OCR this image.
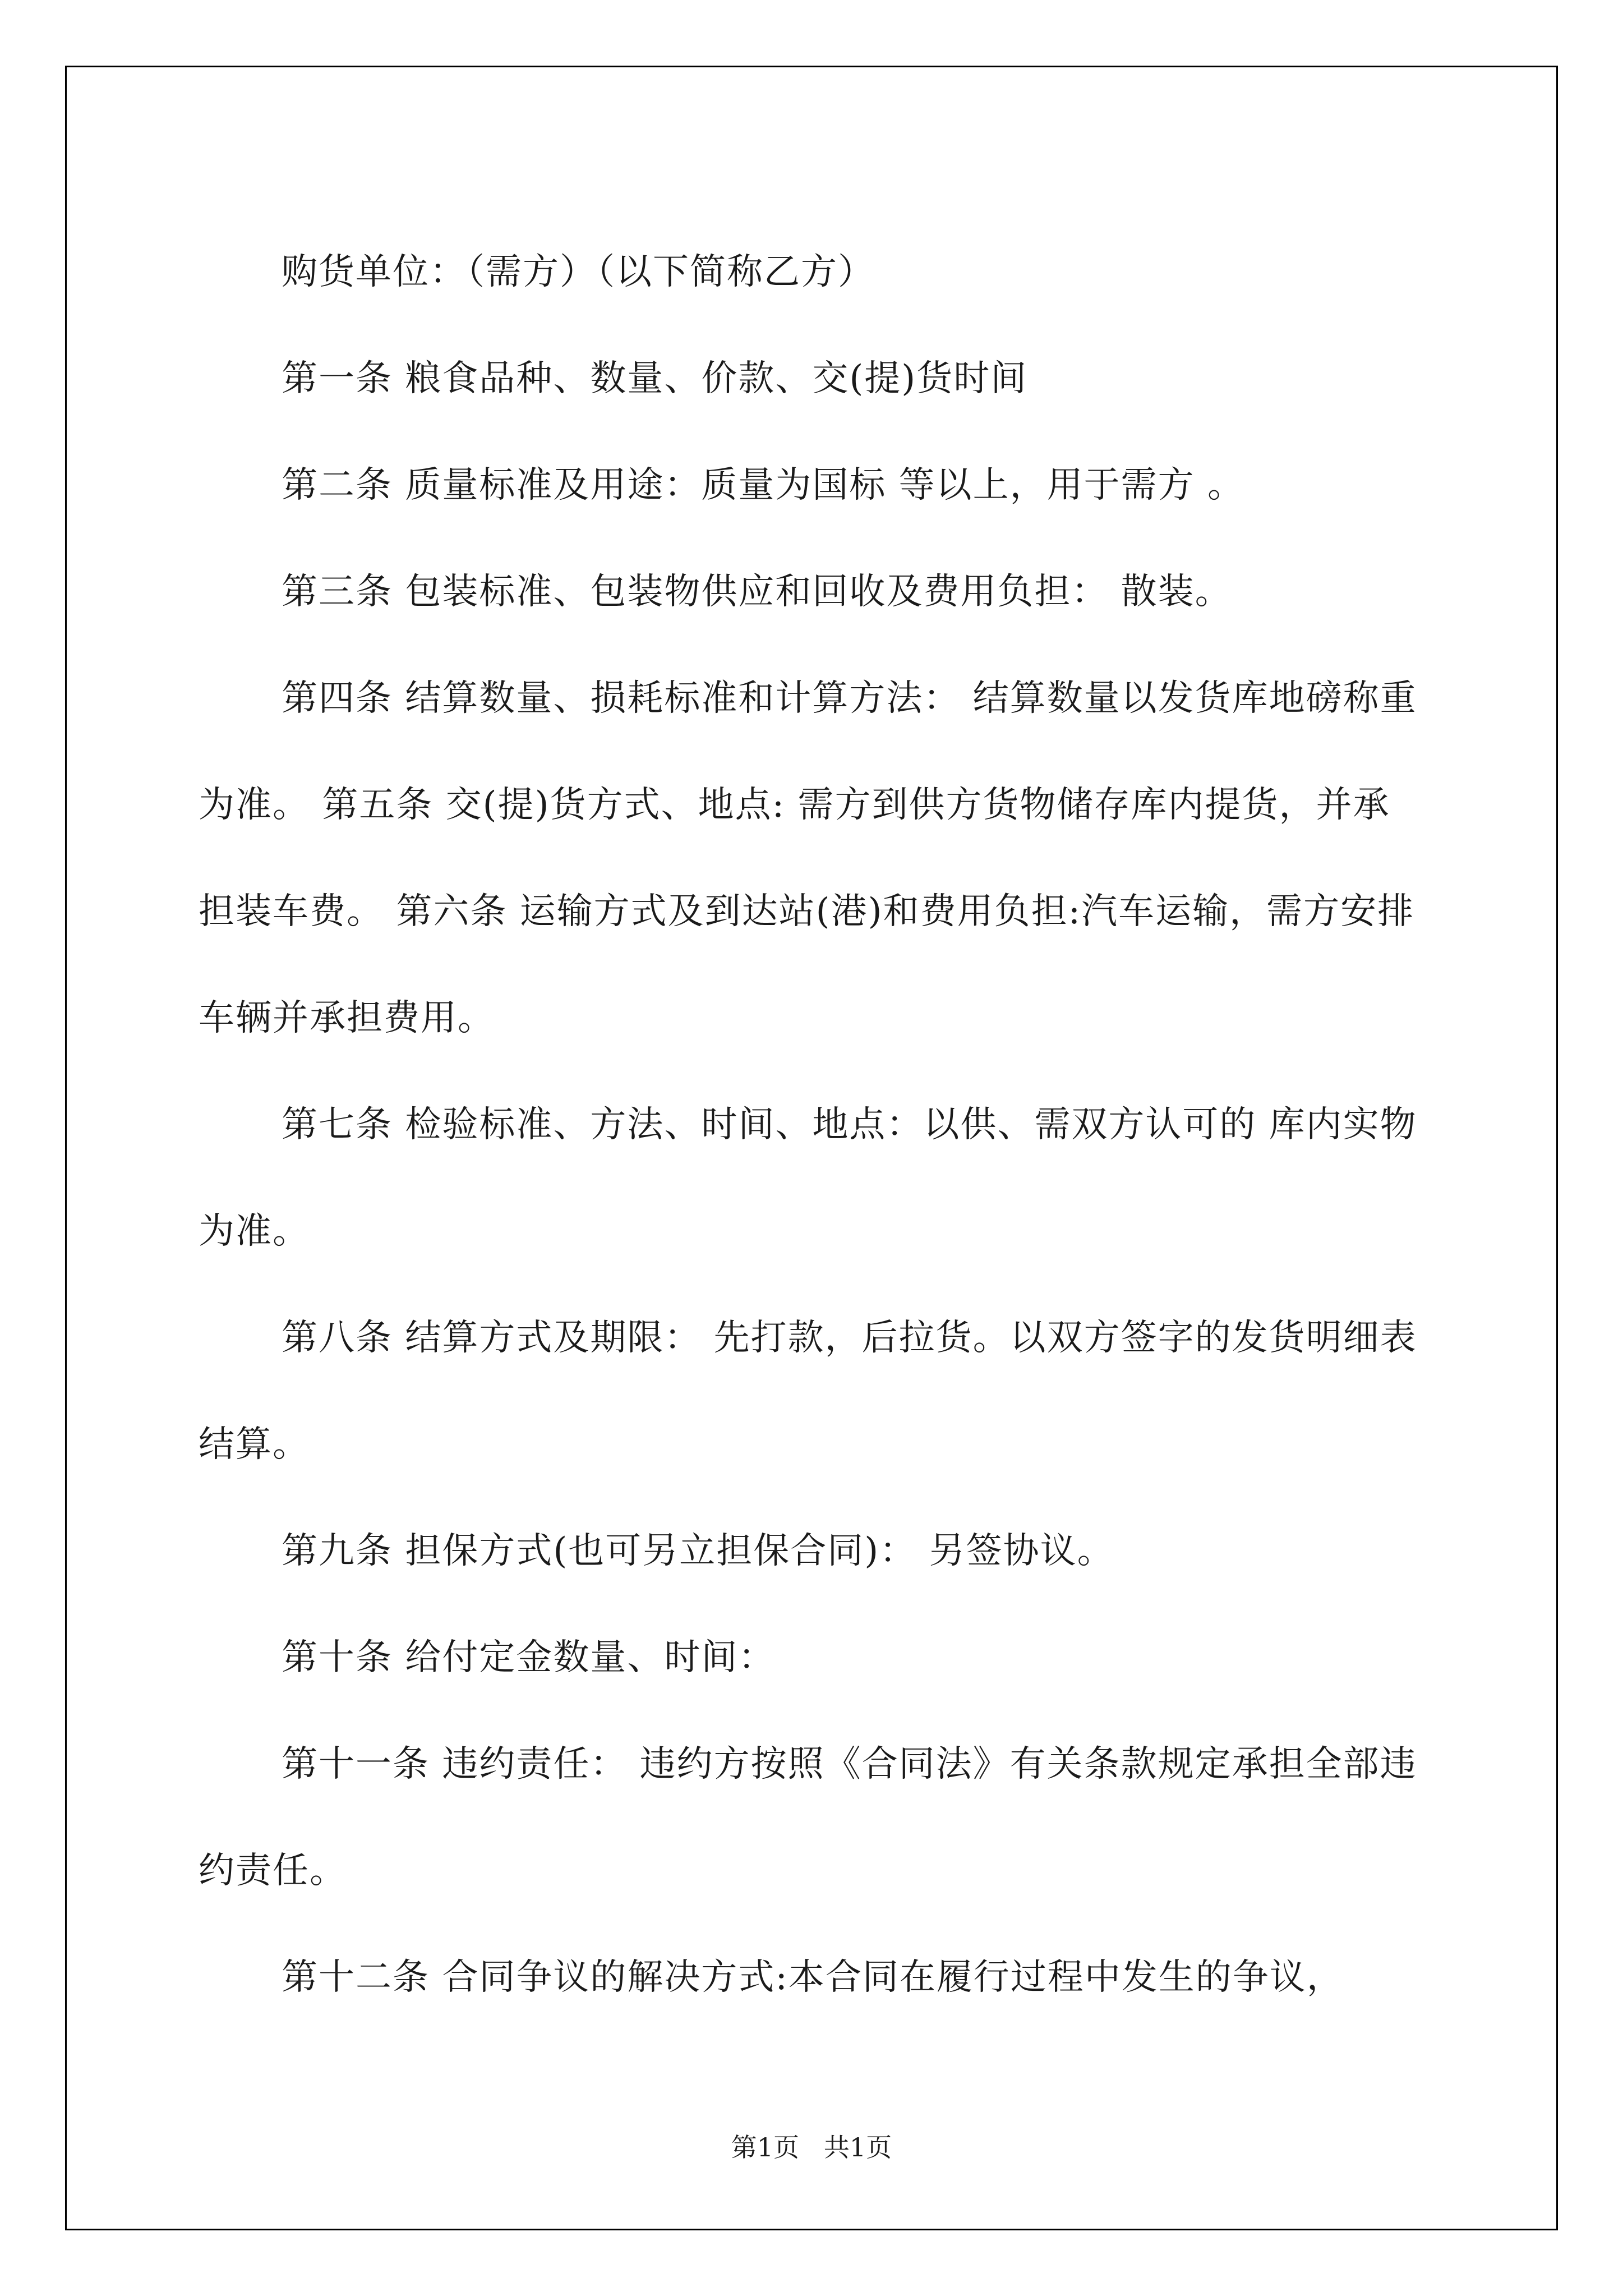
购货单位：（需方）（以下简称乙方）

第一条 粮食品种、数量、价款、交(提)货时间

第二条 质量标准及用途：质量为国标 等以上，用于需方 。

第三条 包装标准、包装物供应和回收及费用负担： 散装。

第四条 结算数量、损耗标准和计算方法： 结算数量以发货库地磅称重为准。 第五条 交(提)货方式、地点: 需方到供方货物储存库内提货，并承担装车费。 第六条 运输方式及到达站(港)和费用负担:汽车运输，需方安排车辆并承担费用。

第七条 检验标准、方法、时间、地点：以供、需双方认可的 库内实物为准。

第八条 结算方式及期限： 先打款，后拉货。以双方签字的发货明细表结算。

第九条 担保方式(也可另立担保合同)： 另签协议。

第十条 给付定金数量、时间：

第十一条 违约责任： 违约方按照《合同法》有关条款规定承担全部违约责任。

第十二条 合同争议的解决方式:本合同在履行过程中发生的争议，

第1页   共1页
